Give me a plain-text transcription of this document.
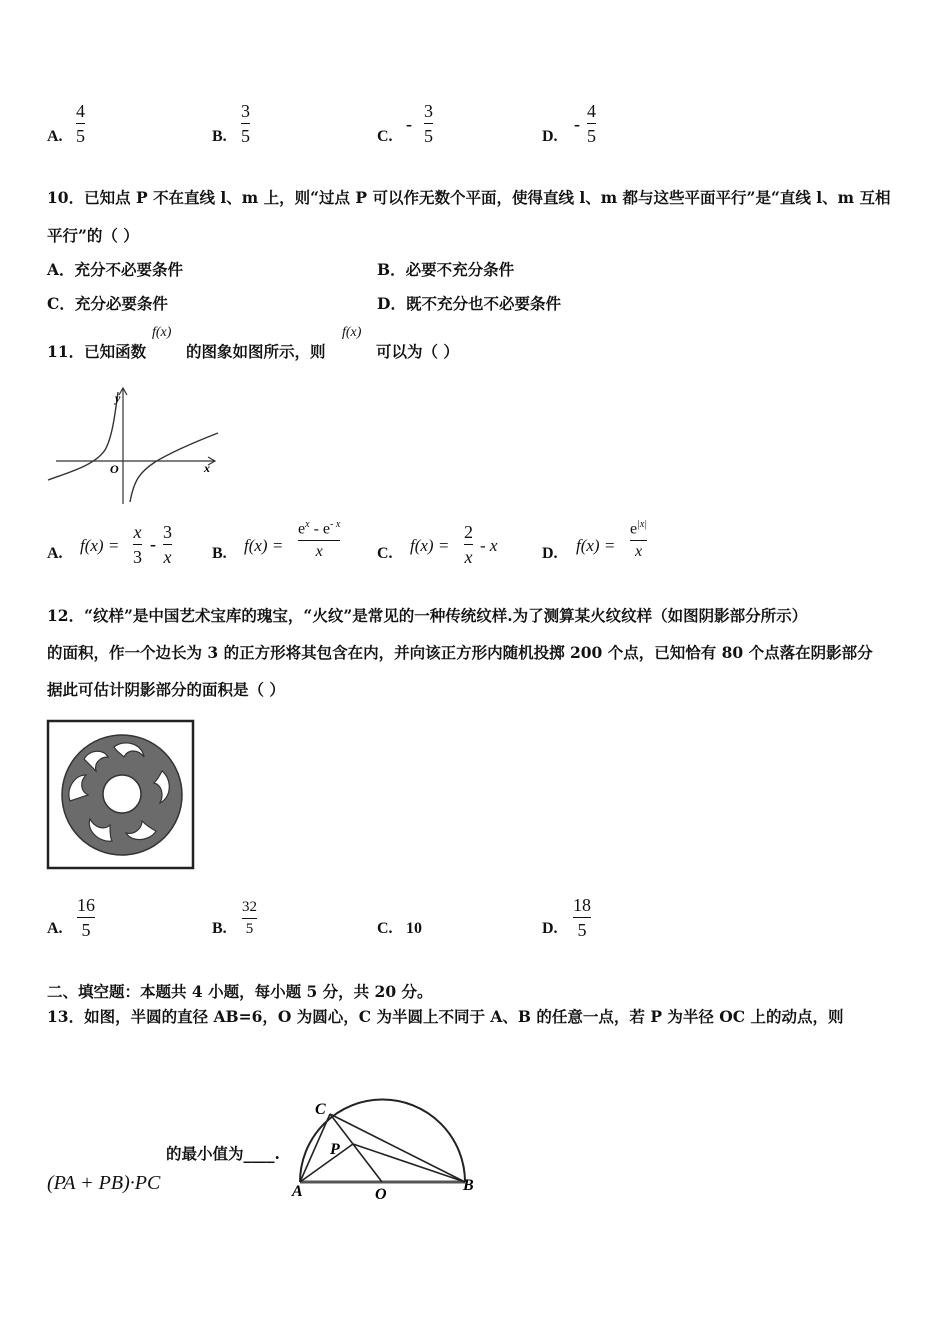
A.
4
5	B.
3
5	C.
-
3
5	D.
-
4
5
10．已知点 P 不在直线 l、m 上，则“过点 P 可以作无数个平面，使得直线 l、m 都与这些平面平行”是“直线 l、m 互相
平行”的（ ）
A．充分不必要条件	B．必要不充分条件
C．充分必要条件	D．既不充分也不必要条件
11．已知函数
f(x)
的图象如图所示，则
f(x)
可以为（ ）
y
x
O
A. f(x) =
x
3
-
3
x	B. f(x) =
$e^x - e^{- x}$
x	C. f(x) =
2
x
- x	D. f(x) =
$e^{|x|}$
x
12．“纹样”是中国艺术宝库的瑰宝，“火纹”是常见的一种传统纹样.为了测算某火纹纹样（如图阴影部分所示）
的面积，作一个边长为 3 的正方形将其包含在内，并向该正方形内随机投掷 200 个点，已知恰有 80 个点落在阴影部分
据此可估计阴影部分的面积是（ ）
A.
16
5	B.
32
5	C. 10	D.
18
5
二、填空题：本题共 4 小题，每小题 5 分，共 20 分。
13．如图，半圆的直径 AB=6，O 为圆心，C 为半圆上不同于 A、B 的任意一点，若 P 为半径 OC 上的动点，则
的最小值为____.
(PA + PB)·PC
C
P
A	O
B
